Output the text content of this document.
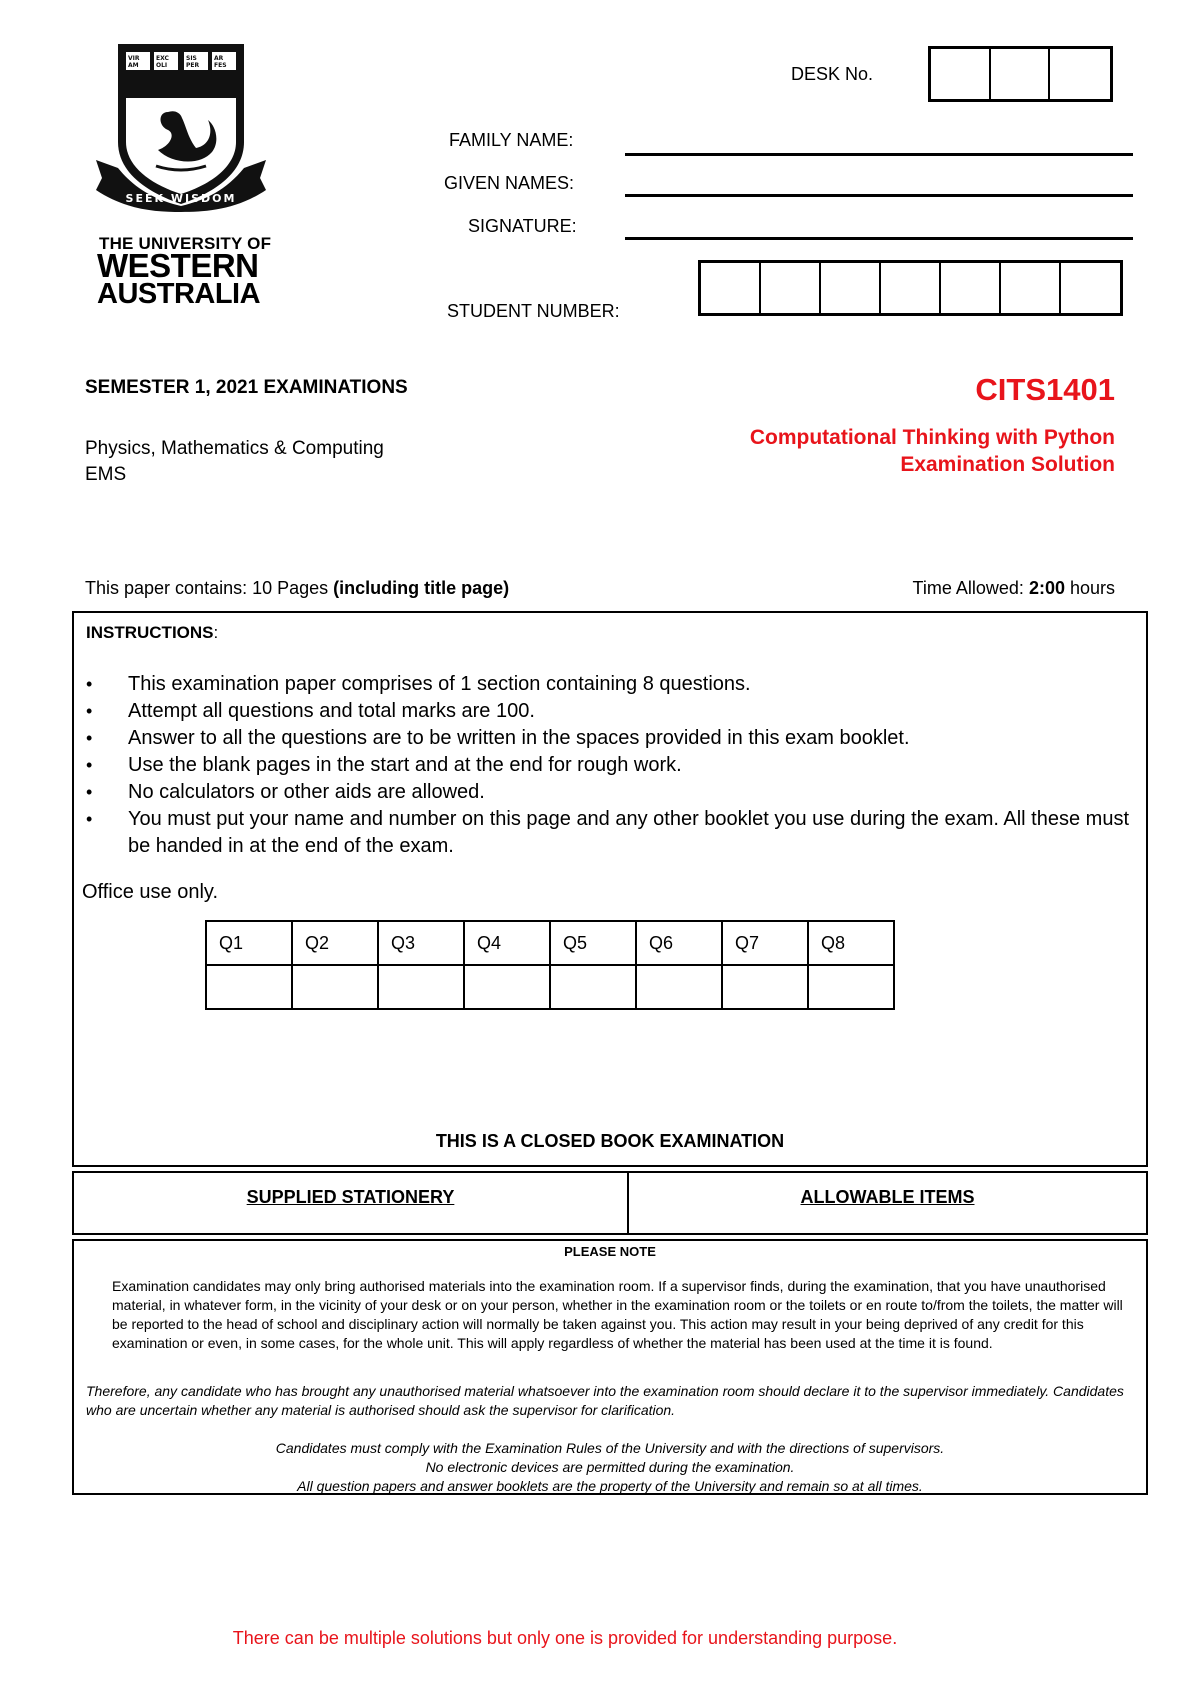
VIR
AM
EXC
OLI
SIS
PER
AR
FES
SEEK WISDOM
THE UNIVERSITY OF
WESTERN
AUSTRALIA
DESK No.
FAMILY NAME:
GIVEN NAMES:
SIGNATURE:
STUDENT NUMBER:
SEMESTER 1, 2021 EXAMINATIONS
Physics, Mathematics & Computing
EMS
CITS1401
Computational Thinking with Python
Examination Solution
This paper contains: 10 Pages (including title page)	Time Allowed: 2:00 hours
INSTRUCTIONS:
• This examination paper comprises of 1 section containing 8 questions.
• Attempt all questions and total marks are 100.
• Answer to all the questions are to be written in the spaces provided in this exam booklet.
• Use the blank pages in the start and at the end for rough work.
• No calculators or other aids are allowed.
• You must put your name and number on this page and any other booklet you use during the exam. All these must be handed in at the end of the exam.
Office use only.
Q1	Q2	Q3	Q4	Q5	Q6	Q7	Q8

THIS IS A CLOSED BOOK EXAMINATION
SUPPLIED STATIONERY	ALLOWABLE ITEMS
PLEASE NOTE
Examination candidates may only bring authorised materials into the examination room. If a supervisor finds, during the examination, that you have unauthorised material, in whatever form, in the vicinity of your desk or on your person, whether in the examination room or the toilets or en route to/from the toilets, the matter will be reported to the head of school and disciplinary action will normally be taken against you. This action may result in your being deprived of any credit for this examination or even, in some cases, for the whole unit. This will apply regardless of whether the material has been used at the time it is found.
Therefore, any candidate who has brought any unauthorised material whatsoever into the examination room should declare it to the supervisor immediately. Candidates who are uncertain whether any material is authorised should ask the supervisor for clarification.
Candidates must comply with the Examination Rules of the University and with the directions of supervisors.
No electronic devices are permitted during the examination.
All question papers and answer booklets are the property of the University and remain so at all times.
There can be multiple solutions but only one is provided for understanding purpose.
